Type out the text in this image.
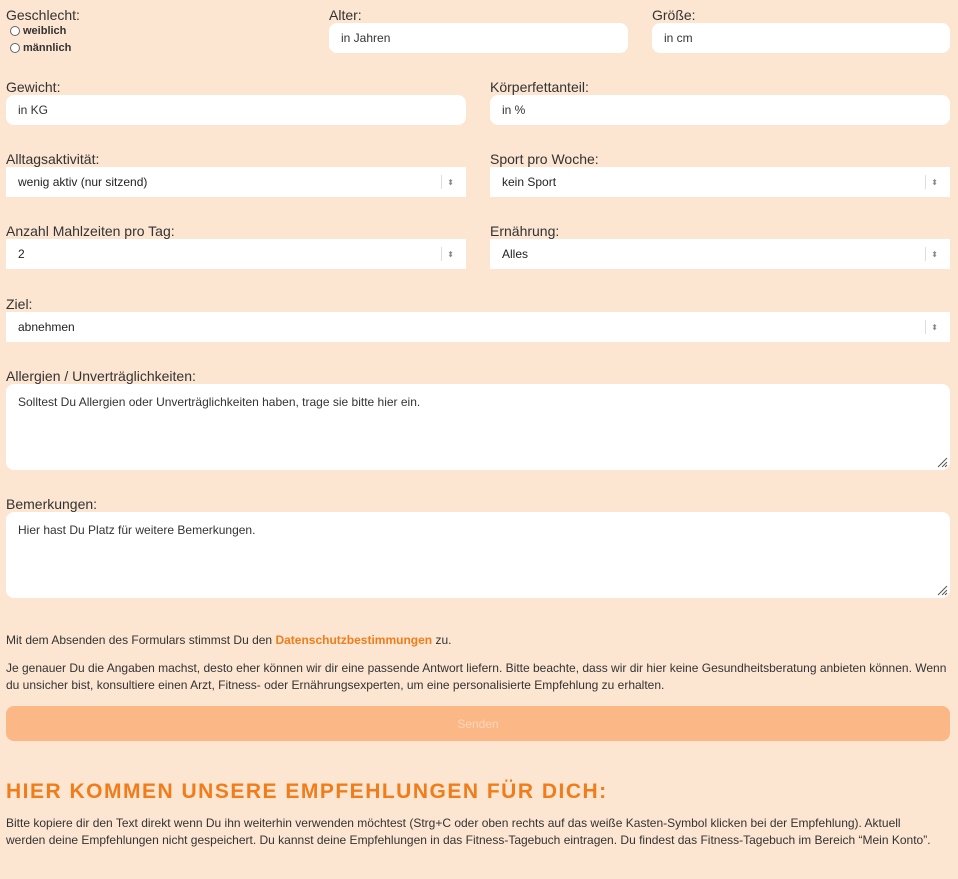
Geschlecht:
weiblich
männlich
Alter:
in Jahren
Größe:
in cm
Gewicht:
in KG
Körperfettanteil:
in %
Alltagsaktivität:
wenig aktiv (nur sitzend)	⬍
Sport pro Woche:
kein Sport	⬍
Anzahl Mahlzeiten pro Tag:
2	⬍
Ernährung:
Alles	⬍
Ziel:
abnehmen	⬍
Allergien / Unverträglichkeiten:
Solltest Du Allergien oder Unverträglichkeiten haben, trage sie bitte hier ein.
Bemerkungen:
Hier hast Du Platz für weitere Bemerkungen.
Mit dem Absenden des Formulars stimmst Du den Datenschutzbestimmungen zu.
Je genauer Du die Angaben machst, desto eher können wir dir eine passende Antwort liefern. Bitte beachte, dass wir dir hier keine Gesundheitsberatung anbieten können. Wenn du unsicher bist, konsultiere einen Arzt, Fitness- oder Ernährungsexperten, um eine personalisierte Empfehlung zu erhalten.
Senden
HIER KOMMEN UNSERE EMPFEHLUNGEN FÜR DICH:
Bitte kopiere dir den Text direkt wenn Du ihn weiterhin verwenden möchtest (Strg+C oder oben rechts auf das weiße Kasten-Symbol klicken bei der Empfehlung). Aktuell werden deine Empfehlungen nicht gespeichert. Du kannst deine Empfehlungen in das Fitness-Tagebuch eintragen. Du findest das Fitness-Tagebuch im Bereich “Mein Konto”.
